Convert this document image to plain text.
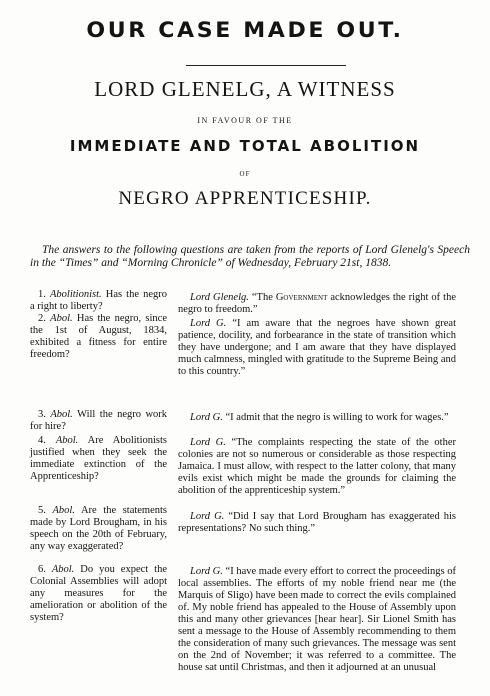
OUR CASE MADE OUT.
LORD GLENELG, A WITNESS
IN FAVOUR OF THE
IMMEDIATE AND TOTAL ABOLITION
OF
NEGRO APPRENTICESHIP.
The answers to the following questions are taken from the reports of Lord Glenelg's Speech in the “Times” and “Morning Chronicle” of Wednesday, February 21st, 1838.
1. Abolitionist. Has the negro a right to liberty?
2. Abol. Has the negro, since the 1st of August, 1834, exhibited a fitness for entire freedom?
3. Abol. Will the negro work for hire?
4. Abol. Are Abolitionists justified when they seek the immediate extinction of the Apprenticeship?
5. Abol. Are the statements made by Lord Brougham, in his speech on the 20th of February, any way exaggerated?
6. Abol. Do you expect the Colonial Assemblies will adopt any measures for the amelioration or abolition of the system?
Lord Glenelg. “The Government acknowledges the right of the negro to freedom.”
Lord G. “I am aware that the negroes have shown great patience, docility, and forbearance in the state of transition which they have undergone; and I am aware that they have displayed much calmness, mingled with gratitude to the Supreme Being and to this country.”
Lord G. “I admit that the negro is willing to work for wages.”
Lord G. “The complaints respecting the state of the other colonies are not so numerous or considerable as those respecting Jamaica. I must allow, with respect to the latter colony, that many evils exist which might be made the grounds for claiming the abolition of the apprenticeship system.”
Lord G. “Did I say that Lord Brougham has exaggerated his representations? No such thing.”
Lord G. “I have made every effort to correct the proceedings of local assemblies. The efforts of my noble friend near me (the Marquis of Sligo) have been made to correct the evils complained of. My noble friend has appealed to the House of Assembly upon this and many other grievances [hear hear]. Sir Lionel Smith has sent a message to the House of Assembly recommending to them the consideration of many such grievances. The message was sent on the 2nd of November; it was referred to a committee. The house sat until Christmas, and then it adjourned at an unusual
